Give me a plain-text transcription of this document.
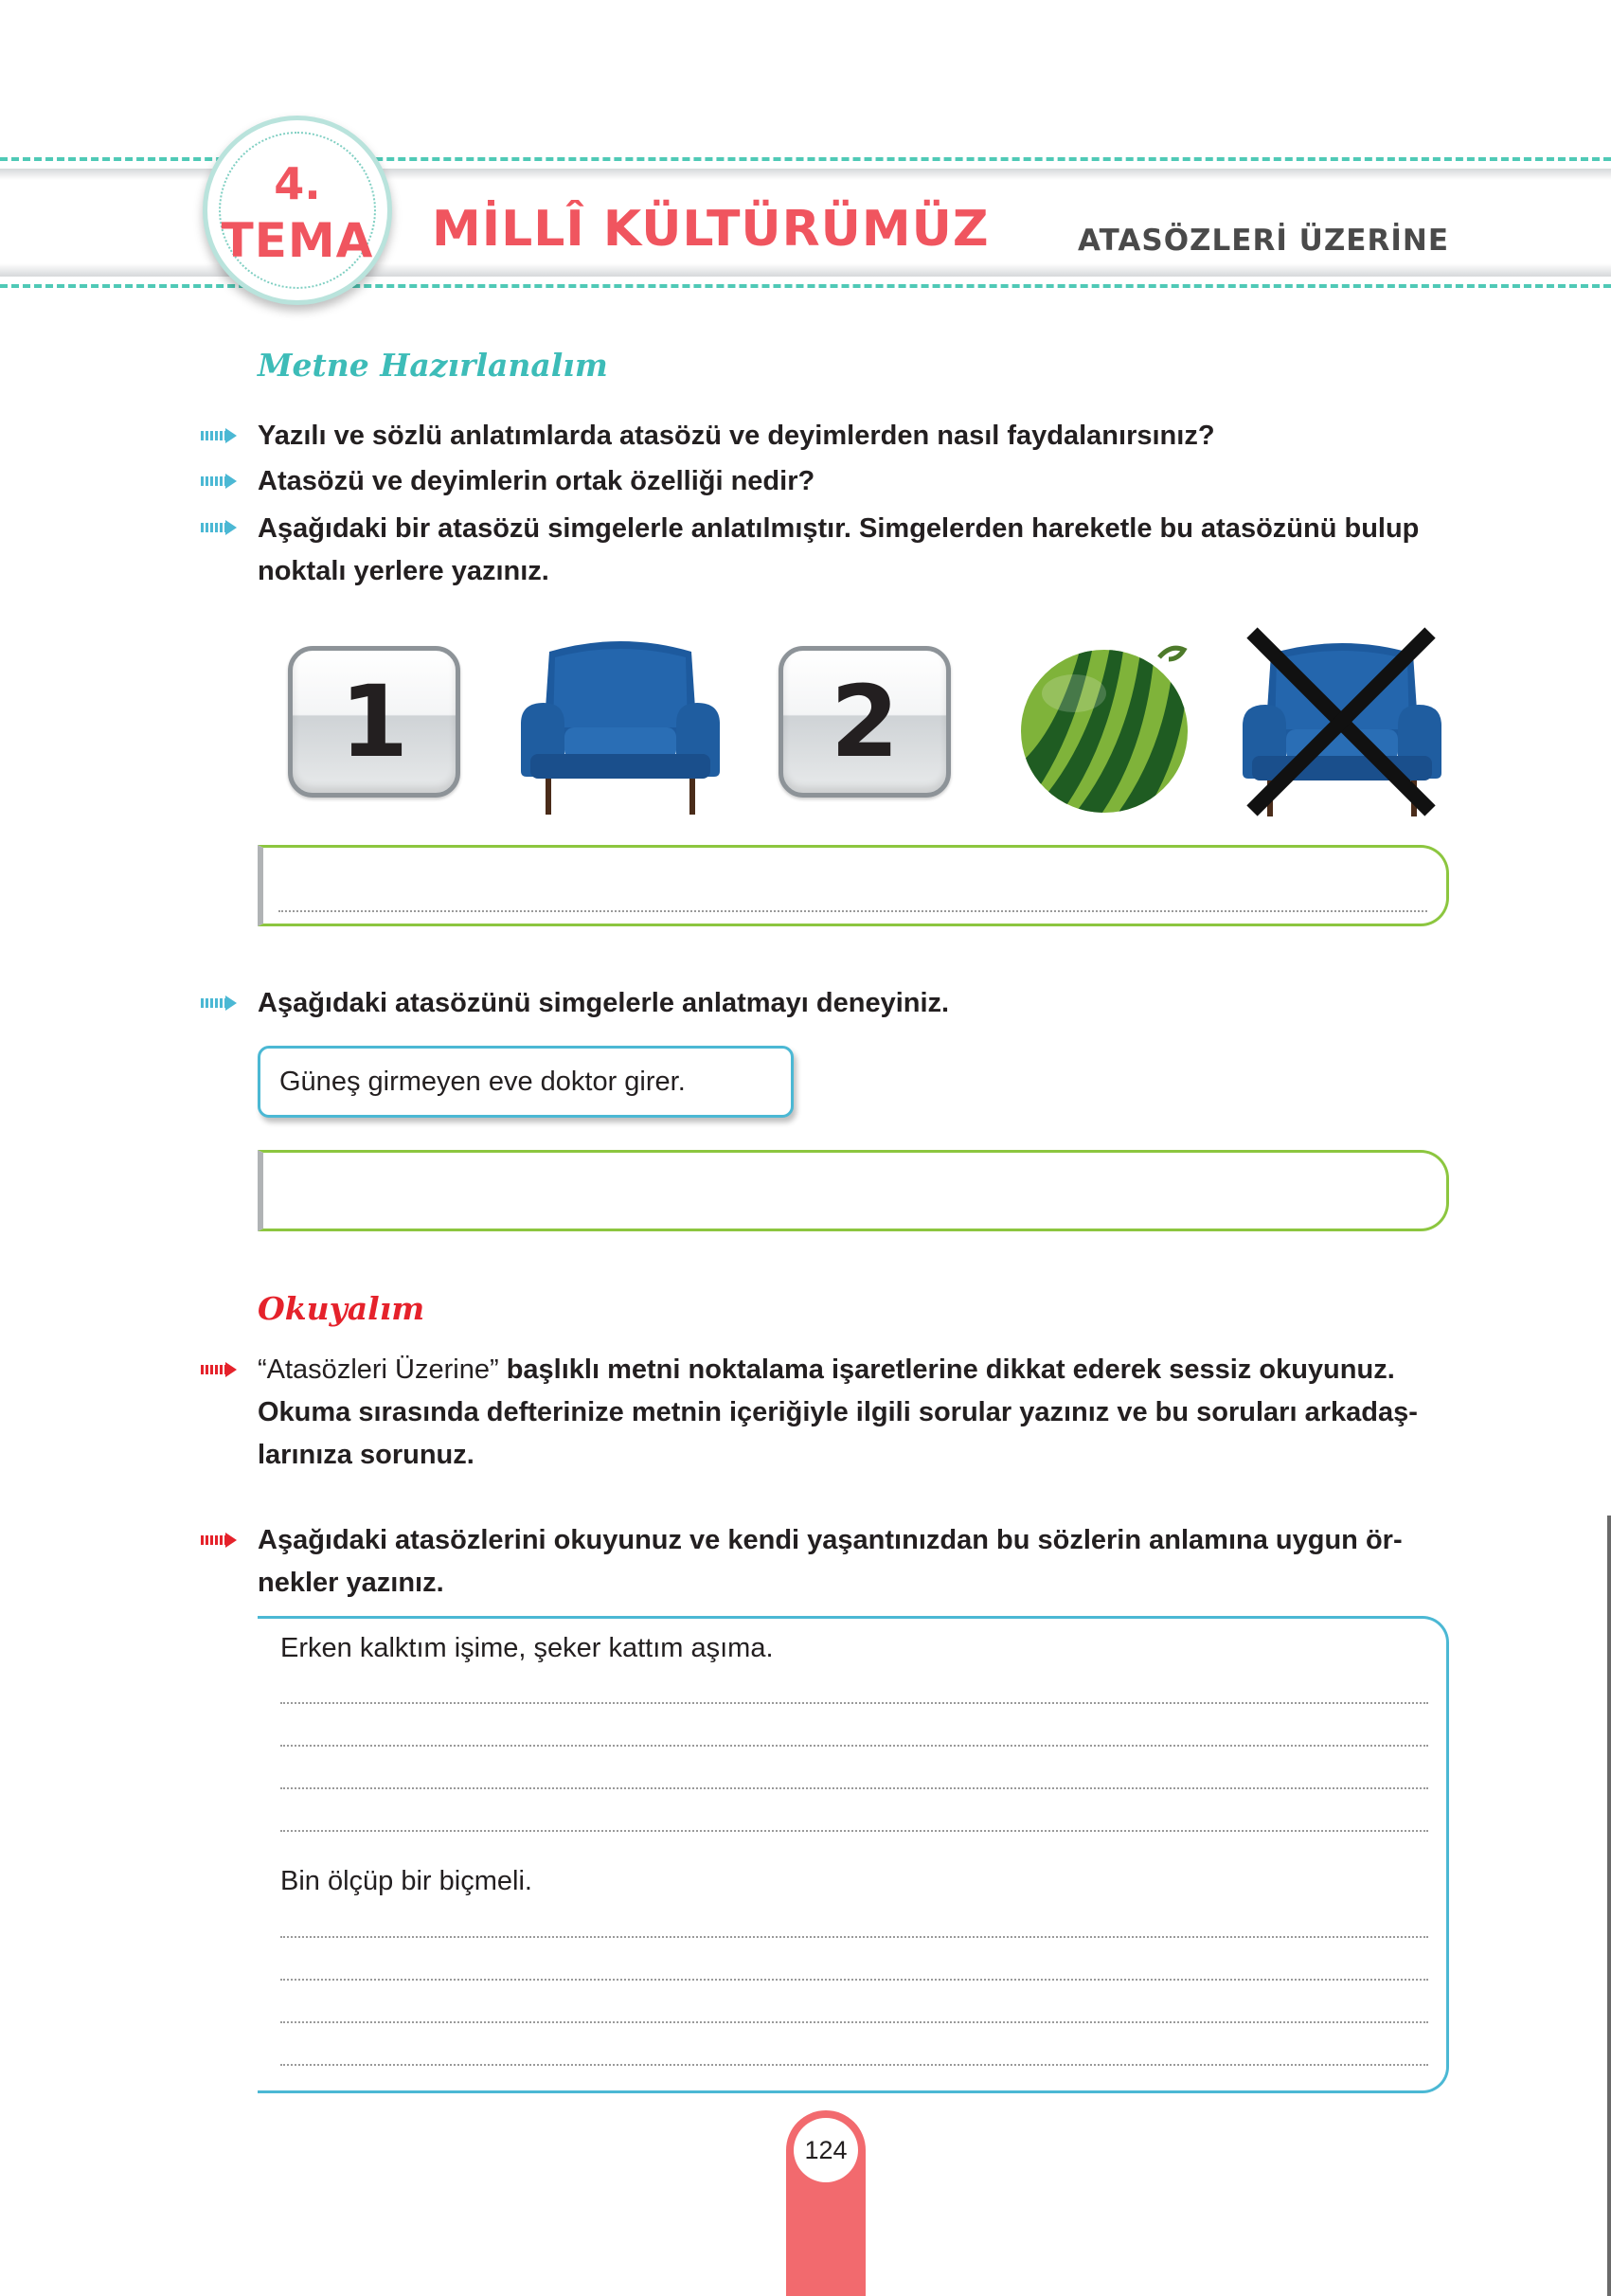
4.
TEMA MİLLÎ KÜLTÜRÜMÜZ	ATASÖZLERİ ÜZERİNE
Metne Hazırlanalım
Yazılı ve sözlü anlatımlarda atasözü ve deyimlerden nasıl faydalanırsınız?
Atasözü ve deyimlerin ortak özelliği nedir?
Aşağıdaki bir atasözü simgelerle anlatılmıştır. Simgelerden hareketle bu atasözünü bulup noktalı yerlere yazınız.
1	2
Aşağıdaki atasözünü simgelerle anlatmayı deneyiniz.
Güneş girmeyen eve doktor girer.
Okuyalım
“Atasözleri Üzerine” başlıklı metni noktalama işaretlerine dikkat ederek sessiz okuyunuz. Okuma sırasında defterinize metnin içeriğiyle ilgili sorular yazınız ve bu soruları arkadaş-larınıza sorunuz.
Aşağıdaki atasözlerini okuyunuz ve kendi yaşantınızdan bu sözlerin anlamına uygun ör-nekler yazınız.
Erken kalktım işime, şeker kattım aşıma.
Bin ölçüp bir biçmeli.
124
